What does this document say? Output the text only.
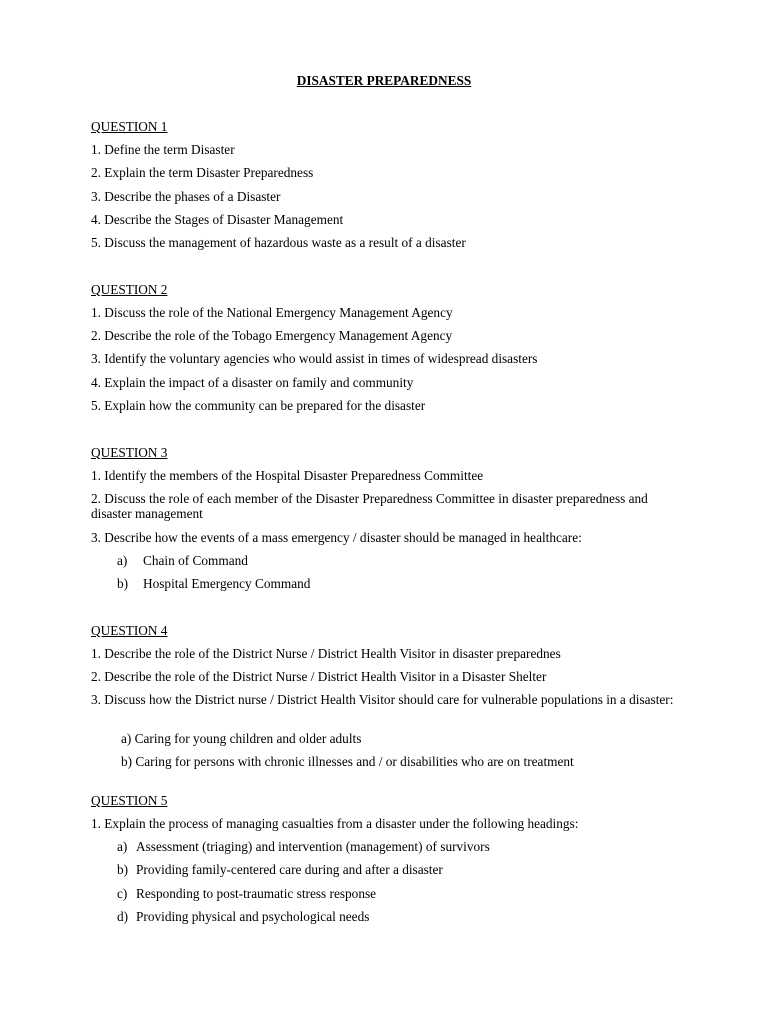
DISASTER PREPAREDNESS

QUESTION 1

1. Define the term Disaster

2. Explain the term Disaster Preparedness

3. Describe the phases of a Disaster

4. Describe the Stages of Disaster Management

5. Discuss the management of hazardous waste as a result of a disaster

QUESTION 2

1. Discuss the role of the National Emergency Management Agency

2. Describe the role of the Tobago Emergency Management Agency

3. Identify the voluntary agencies who would assist in times of widespread disasters

4. Explain the impact of a disaster on family and community

5. Explain how the community can be prepared for the disaster

QUESTION 3

1. Identify the members of the Hospital Disaster Preparedness Committee

2. Discuss the role of each member of the Disaster Preparedness Committee in disaster preparedness and disaster management

3. Describe how the events of a mass emergency / disaster should be managed in healthcare:

a) Chain of Command

b) Hospital Emergency Command

QUESTION 4

1. Describe the role of the District Nurse / District Health Visitor in disaster preparednes

2. Describe the role of the District Nurse / District Health Visitor in a Disaster Shelter

3. Discuss how the District nurse / District Health Visitor should care for vulnerable populations in a disaster:

a) Caring for young children and older adults

b) Caring for persons with chronic illnesses and / or disabilities who are on treatment

QUESTION 5

1. Explain the process of managing casualties from a disaster under the following headings:

a) Assessment (triaging) and intervention (management) of survivors

b) Providing family-centered care during and after a disaster

c) Responding to post-traumatic stress response

d) Providing physical and psychological needs
